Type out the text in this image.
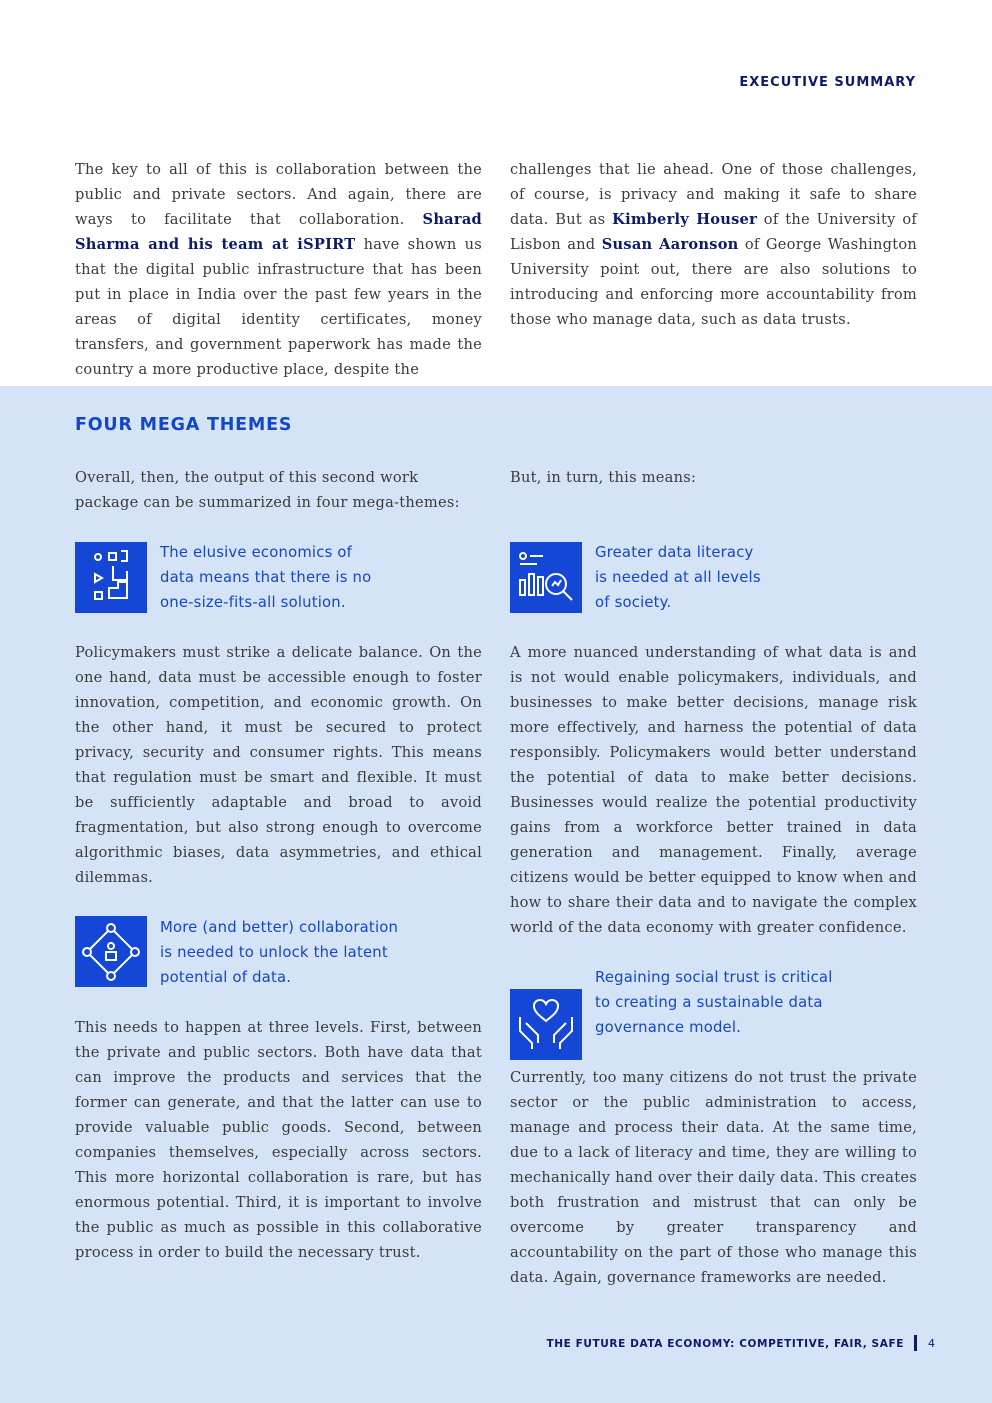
EXECUTIVE SUMMARY
The key to all of this is collaboration between the public and private sectors. And again, there are ways to facilitate that collaboration. Sharad Sharma and his team at iSPIRT have shown us that the digital public infrastructure that has been put in place in India over the past few years in the areas of digital identity certificates, money transfers, and government paperwork has made the country a more productive place, despite the
challenges that lie ahead. One of those challenges, of course, is privacy and making it safe to share data. But as Kimberly Houser of the University of Lisbon and Susan Aaronson of George Washington University point out, there are also solutions to introducing and enforcing more accountability from those who manage data, such as data trusts.
FOUR MEGA THEMES
Overall, then, the output of this second work package can be summarized in four mega-themes:
But, in turn, this means:
The elusive economics of
data means that there is no
one-size-fits-all solution.
Policymakers must strike a delicate balance. On the one hand, data must be accessible enough to foster innovation, competition, and economic growth. On the other hand, it must be secured to protect privacy, security and consumer rights. This means that regulation must be smart and flexible. It must be sufficiently adaptable and broad to avoid fragmentation, but also strong enough to overcome algorithmic biases, data asymmetries, and ethical dilemmas.
Greater data literacy
is needed at all levels
of society.
A more nuanced understanding of what data is and is not would enable policymakers, individuals, and businesses to make better decisions, manage risk more effectively, and harness the potential of data responsibly. Policymakers would better understand the potential of data to make better decisions. Businesses would realize the potential productivity gains from a workforce better trained in data generation and management. Finally, average citizens would be better equipped to know when and how to share their data and to navigate the complex world of the data economy with greater confidence.
More (and better) collaboration
is needed to unlock the latent
potential of data.
This needs to happen at three levels. First, between the private and public sectors. Both have data that can improve the products and services that the former can generate, and that the latter can use to provide valuable public goods. Second, between companies themselves, especially across sectors. This more horizontal collaboration is rare, but has enormous potential. Third, it is important to involve the public as much as possible in this collaborative process in order to build the necessary trust.
Regaining social trust is critical
to creating a sustainable data
governance model.
Currently, too many citizens do not trust the private sector or the public administration to access, manage and process their data. At the same time, due to a lack of literacy and time, they are willing to mechanically hand over their daily data. This creates both frustration and mistrust that can only be overcome by greater transparency and accountability on the part of those who manage this data. Again, governance frameworks are needed.
THE FUTURE DATA ECONOMY: COMPETITIVE, FAIR, SAFE 4
